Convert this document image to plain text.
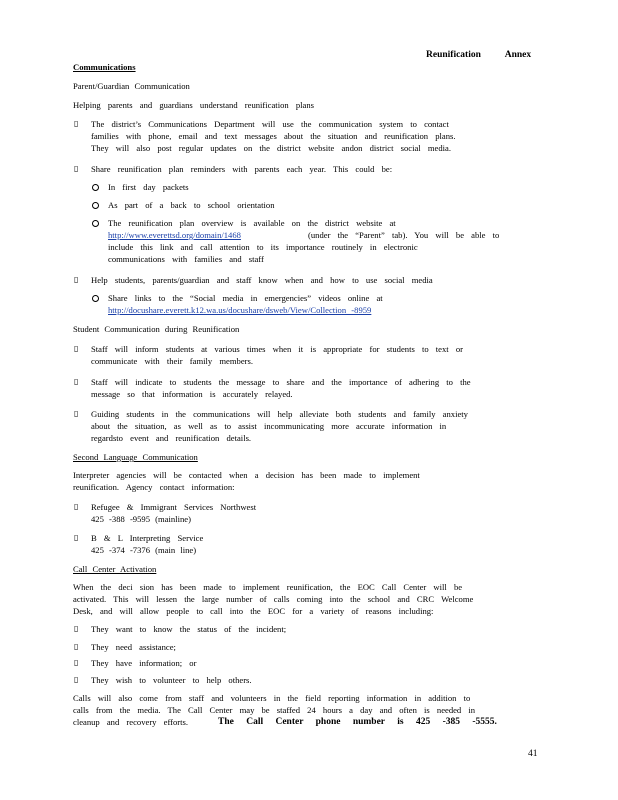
Reunification Annex
Communications
Parent/Guardian Communication
Helping parents and guardians understand reunification plans
▯ The district’s Communications Department will use the communication system to contact
families with phone, email and text messages about the situation and reunification plans.
They will also post regular updates on the district website andon district social media.
▯ Share reunification plan reminders with parents each year. This could be:
In first day packets
As part of a back to school orientation
The reunification plan overview is available on the district website at
http://www.everettsd.org/domain/1468	(under the “Parent” tab). You will be able to
include this link and call attention to its importance routinely in electronic
communications with families and staff
▯ Help students, parents/guardian and staff know when and how to use social media
Share links to the “Social media in emergencies” videos online at
http://docushare.everett.k12.wa.us/docushare/dsweb/View/Collection -8959
Student Communication during Reunification
▯ Staff will inform students at various times when it is appropriate for students to text or
communicate with their family members.
▯ Staff will indicate to students the message to share and the importance of adhering to the
message so that information is accurately relayed.
▯ Guiding students in the communications will help alleviate both students and family anxiety
about the situation, as well as to assist incommunicating more accurate information in
regardsto event and reunification details.
Second Language Communication
Interpreter agencies will be contacted when a decision has been made to implement
reunification. Agency contact information:
▯ Refugee & Immigrant Services Northwest
425 -388 -9595 (mainline)
▯ B & L Interpreting Service
425 -374 -7376 (main line)
Call Center Activation
When the deci sion has been made to implement reunification, the EOC Call Center will be
activated. This will lessen the large number of calls coming into the school and CRC Welcome
Desk, and will allow people to call into the EOC for a variety of reasons including:
▯ They want to know the status of the incident;
▯ They need assistance;
▯ They have information; or
▯ They wish to volunteer to help others.
Calls will also come from staff and volunteers in the field reporting information in addition to
calls from the media. The Call Center may be staffed 24 hours a day and often is needed in
cleanup and recovery efforts.	The Call Center phone number is 425 -385 -5555.
41
